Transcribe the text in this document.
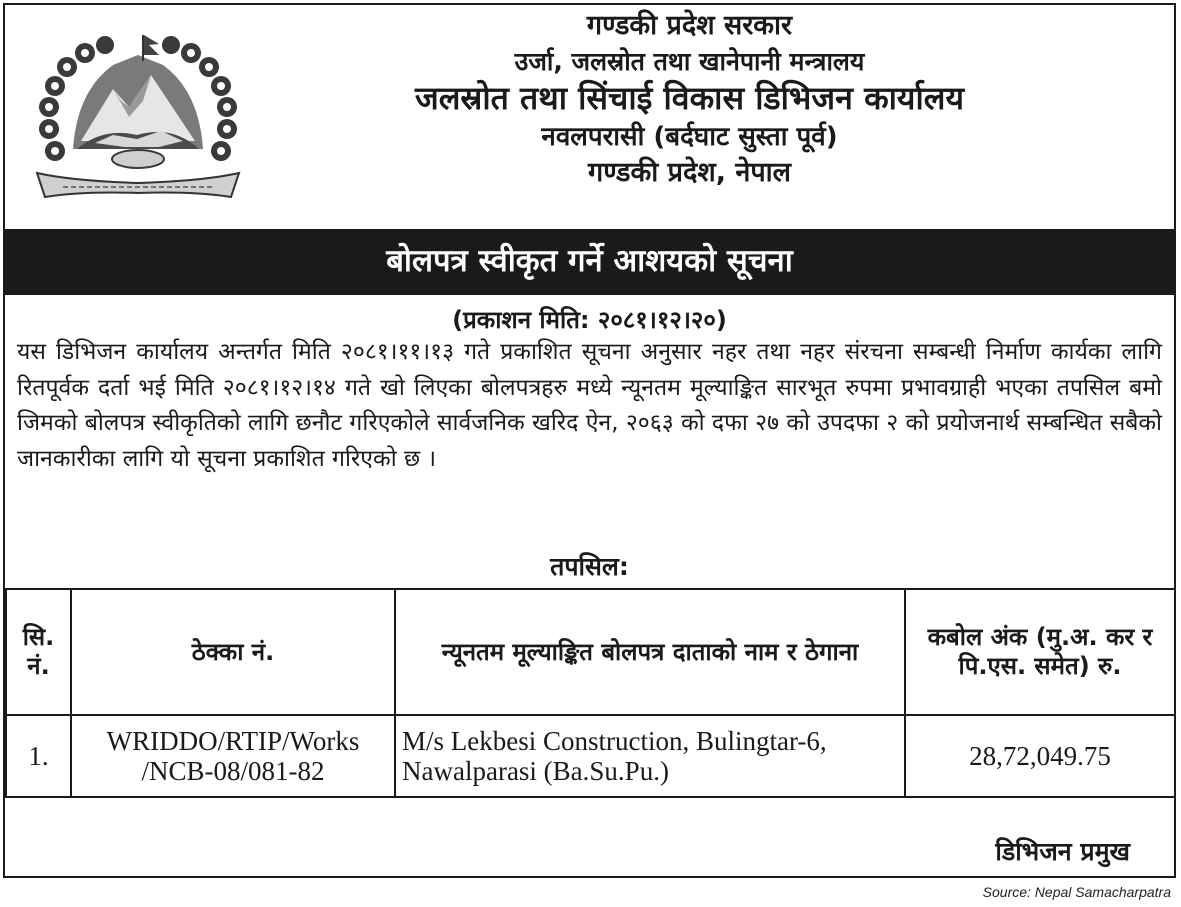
गण्डकी प्रदेश सरकार
उर्जा, जलस्रोत तथा खानेपानी मन्त्रालय
जलस्रोत तथा सिंचाई विकास डिभिजन कार्यालय
नवलपरासी (बर्दघाट सुस्ता पूर्व)
गण्डकी प्रदेश, नेपाल
बोलपत्र स्वीकृत गर्ने आशयको सूचना
(प्रकाशन मिति: २०८१।१२।२०)
यस डिभिजन कार्यालय अन्तर्गत मिति २०८१।११।१३ गते प्रकाशित सूचना अनुसार नहर तथा नहर संरचना सम्बन्धी निर्माण कार्यका लागि रितपूर्वक दर्ता भई मिति २०८१।१२।१४ गते खो लिएका बोलपत्रहरु मध्ये न्यूनतम मूल्याङ्कित सारभूत रुपमा प्रभावग्राही भएका तपसिल बमो जिमको बोलपत्र स्वीकृतिको लागि छनौट गरिएकोले सार्वजनिक खरिद ऐन, २०६३ को दफा २७ को उपदफा २ को प्रयोजनार्थ सम्बन्धित सबैको जानकारीका लागि यो सूचना प्रकाशित गरिएको छ ।
तपसिल:
सि. नं.	ठेक्का नं.	न्यूनतम मूल्याङ्कित बोलपत्र दाताको नाम र ठेगाना	कबोल अंक (मु.अ. कर र पि.एस. समेत) रु.
1.	WRIDDO/RTIP/Works /NCB-08/081-82	M/s Lekbesi Construction, Bulingtar-6, Nawalparasi (Ba.Su.Pu.)	28,72,049.75
डिभिजन प्रमुख
Source: Nepal Samacharpatra
